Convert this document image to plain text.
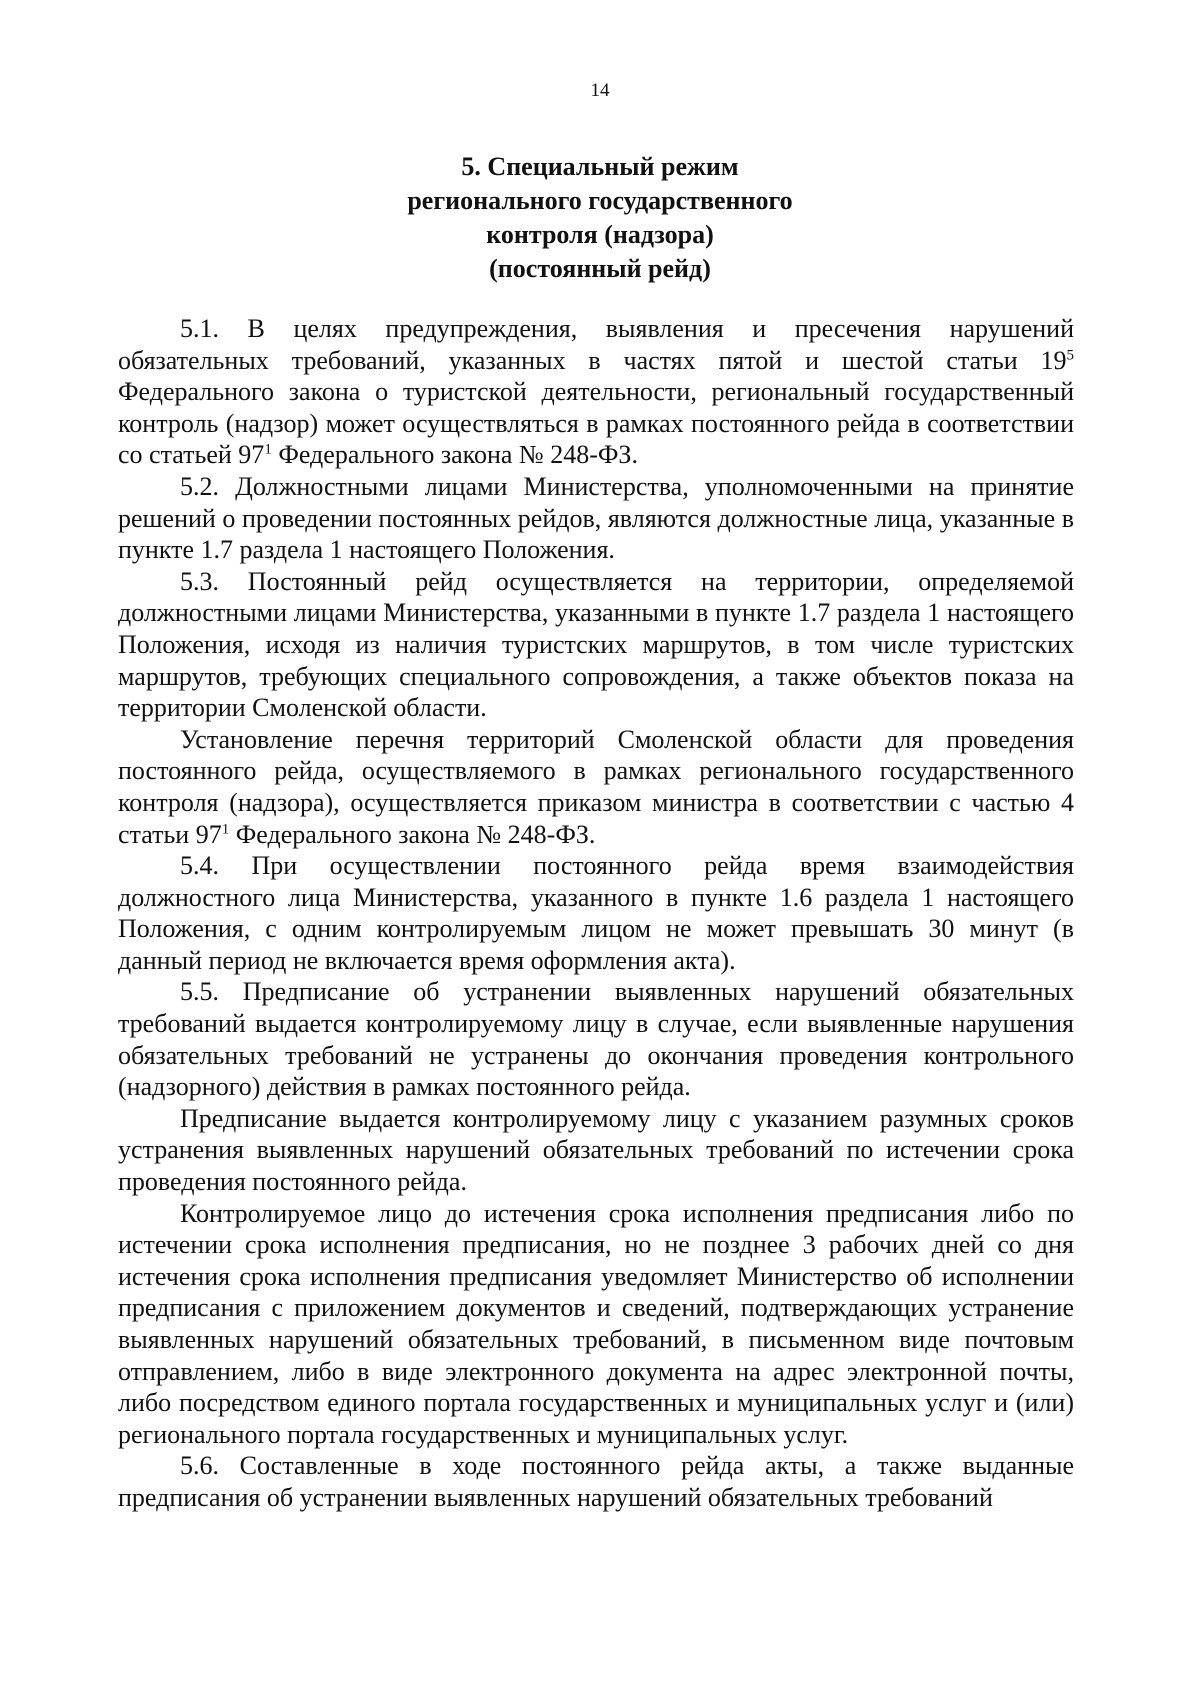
14
5. Специальный режим
регионального государственного
контроля (надзора)
(постоянный рейд)

5.1. В целях предупреждения, выявления и пресечения нарушений обязательных требований, указанных в частях пятой и шестой статьи $19^5$ Федерального закона о туристской деятельности, региональный государственный контроль (надзор) может осуществляться в рамках постоянного рейда в соответствии со статьей $97^1$ Федерального закона № 248-ФЗ.

5.2. Должностными лицами Министерства, уполномоченными на принятие решений о проведении постоянных рейдов, являются должностные лица, указанные в пункте 1.7 раздела 1 настоящего Положения.

5.3. Постоянный рейд осуществляется на территории, определяемой должностными лицами Министерства, указанными в пункте 1.7 раздела 1 настоящего Положения, исходя из наличия туристских маршрутов, в том числе туристских маршрутов, требующих специального сопровождения, а также объектов показа на территории Смоленской области.

Установление перечня территорий Смоленской области для проведения постоянного рейда, осуществляемого в рамках регионального государственного контроля (надзора), осуществляется приказом министра в соответствии с частью 4 статьи $97^1$ Федерального закона № 248-ФЗ.

5.4. При осуществлении постоянного рейда время взаимодействия должностного лица Министерства, указанного в пункте 1.6 раздела 1 настоящего Положения, с одним контролируемым лицом не может превышать 30 минут (в данный период не включается время оформления акта).

5.5. Предписание об устранении выявленных нарушений обязательных требований выдается контролируемому лицу в случае, если выявленные нарушения обязательных требований не устранены до окончания проведения контрольного (надзорного) действия в рамках постоянного рейда.

Предписание выдается контролируемому лицу с указанием разумных сроков устранения выявленных нарушений обязательных требований по истечении срока проведения постоянного рейда.

Контролируемое лицо до истечения срока исполнения предписания либо по истечении срока исполнения предписания, но не позднее 3 рабочих дней со дня истечения срока исполнения предписания уведомляет Министерство об исполнении предписания с приложением документов и сведений, подтверждающих устранение выявленных нарушений обязательных требований, в письменном виде почтовым отправлением, либо в виде электронного документа на адрес электронной почты, либо посредством единого портала государственных и муниципальных услуг и (или) регионального портала государственных и муниципальных услуг.

5.6. Составленные в ходе постоянного рейда акты, а также выданные предписания об устранении выявленных нарушений обязательных требований
